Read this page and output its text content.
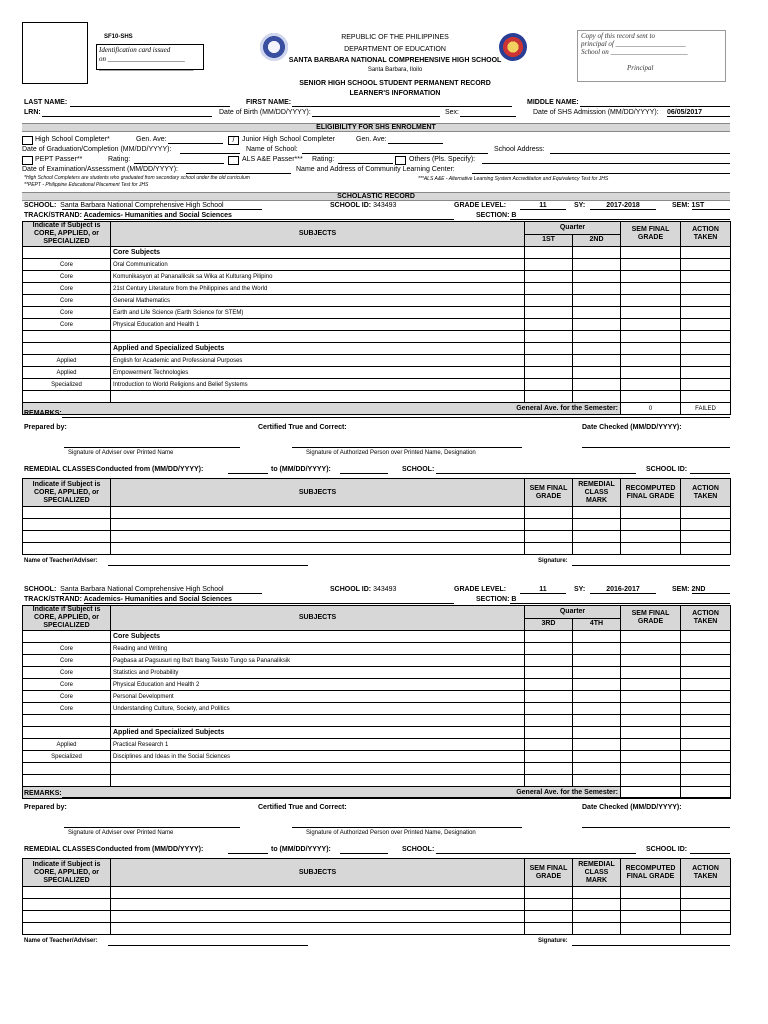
SF10-SHS
Identification card issued
on ______________________
___________________________
REPUBLIC OF THE PHILIPPINES
DEPARTMENT OF EDUCATION
SANTA BARBARA NATIONAL COMPREHENSIVE HIGH SCHOOL
Santa Barbara, Iloilo
SENIOR HIGH SCHOOL STUDENT PERMANENT RECORD
LEARNER'S INFORMATION
Copy of this record sent to
principal of ____________________
School on ______________________

Principal
LAST NAME:	FIRST NAME:	MIDDLE NAME:
LRN:	Date of Birth (MM/DD/YYYY):	Sex:	Date of SHS Admission (MM/DD/YYYY): 06/05/2017
ELIGIBILITY FOR SHS ENROLMENT
High School Completer*	Gen. Ave:	/	Junior High School Completer	Gen. Ave:
Date of Graduation/Completion (MM/DD/YYYY):	Name of School:	School Address:
PEPT Passer**	Rating:	ALS A&E Passer*** Rating:	Others (Pls. Specify):
Date of Examination/Assessment (MM/DD/YYYY):	Name and Address of Community Learning Center:
*High School Completers are students who graduated from secondary school under the old curriculum
**PEPT - Philippine Educational Placement Test for JHS
***ALS A&E - Alternative Learning System Accreditation and Equivalency Test for JHS
SCHOLASTIC RECORD
SCHOOL: Santa Barbara National Comprehensive High School	SCHOOL ID: 343493	GRADE LEVEL:	11	SY:	2017-2018	SEM: 1ST
TRACK/STRAND: Academics- Humanities and Social Sciences	SECTION: B
Indicate if Subject is CORE, APPLIED, or SPECIALIZED	SUBJECTS	Quarter		SEM FINAL GRADE	ACTION TAKEN
		1ST	2ND		
	Core Subjects				
Core	Oral Communication				
Core	Komunikasyon at Pananaliksik sa Wika at Kulturang Pilipino				
Core	21st Century Literature from the Philippines and the World				
Core	General Mathematics				
Core	Earth and Life Science (Earth Science for STEM)				
Core	Physical Education and Health 1				

	Applied and Specialized Subjects				
Applied	English for Academic and Professional Purposes				
Applied	Empowerment Technologies				
Specialized	Introduction to World Religions and Belief Systems				

General Ave. for the Semester:				0	FAILED
SCHOOL: Santa Barbara National Comprehensive High School	SCHOOL ID: 343493	GRADE LEVEL:	11	SY:	2016-2017	SEM: 2ND
TRACK/STRAND: Academics- Humanities and Social Sciences	SECTION: B
Indicate if Subject is CORE, APPLIED, or SPECIALIZED	SUBJECTS	Quarter		SEM FINAL GRADE	ACTION TAKEN
		3RD	4TH		
	Core Subjects				
Core	Reading and Writing				
Core	Pagbasa at Pagsusuri ng Iba't Ibang Teksto Tungo sa Pananaliksik				
Core	Statistics and Probability				
Core	Physical Education and Health 2				
Core	Personal Development				
Core	Understanding Culture, Society, and Politics				

	Applied and Specialized Subjects				
Applied	Practical Research 1				
Specialized	Disciplines and Ideas in the Social Sciences				

General Ave. for the Semester:					
REMARKS:
Prepared by:	Certified True and Correct:	Date Checked (MM/DD/YYYY):
Signature of Adviser over Printed Name	Signature of Authorized Person over Printed Name, Designation
REMEDIAL CLASSES Conducted from (MM/DD/YYYY):	to (MM/DD/YYYY):	SCHOOL:	SCHOOL ID:
Indicate if Subject is CORE, APPLIED, or SPECIALIZED	SUBJECTS	SEM FINAL GRADE	REMEDIAL CLASS MARK	RECOMPUTED FINAL GRADE	ACTION TAKEN

Name of Teacher/Adviser:	Signature:
REMARKS:
Prepared by:	Certified True and Correct:	Date Checked (MM/DD/YYYY):
Signature of Adviser over Printed Name	Signature of Authorized Person over Printed Name, Designation
REMEDIAL CLASSES Conducted from (MM/DD/YYYY):	to (MM/DD/YYYY):	SCHOOL:	SCHOOL ID:
Indicate if Subject is CORE, APPLIED, or SPECIALIZED	SUBJECTS	SEM FINAL GRADE	REMEDIAL CLASS MARK	RECOMPUTED FINAL GRADE	ACTION TAKEN

Name of Teacher/Adviser:	Signature:
